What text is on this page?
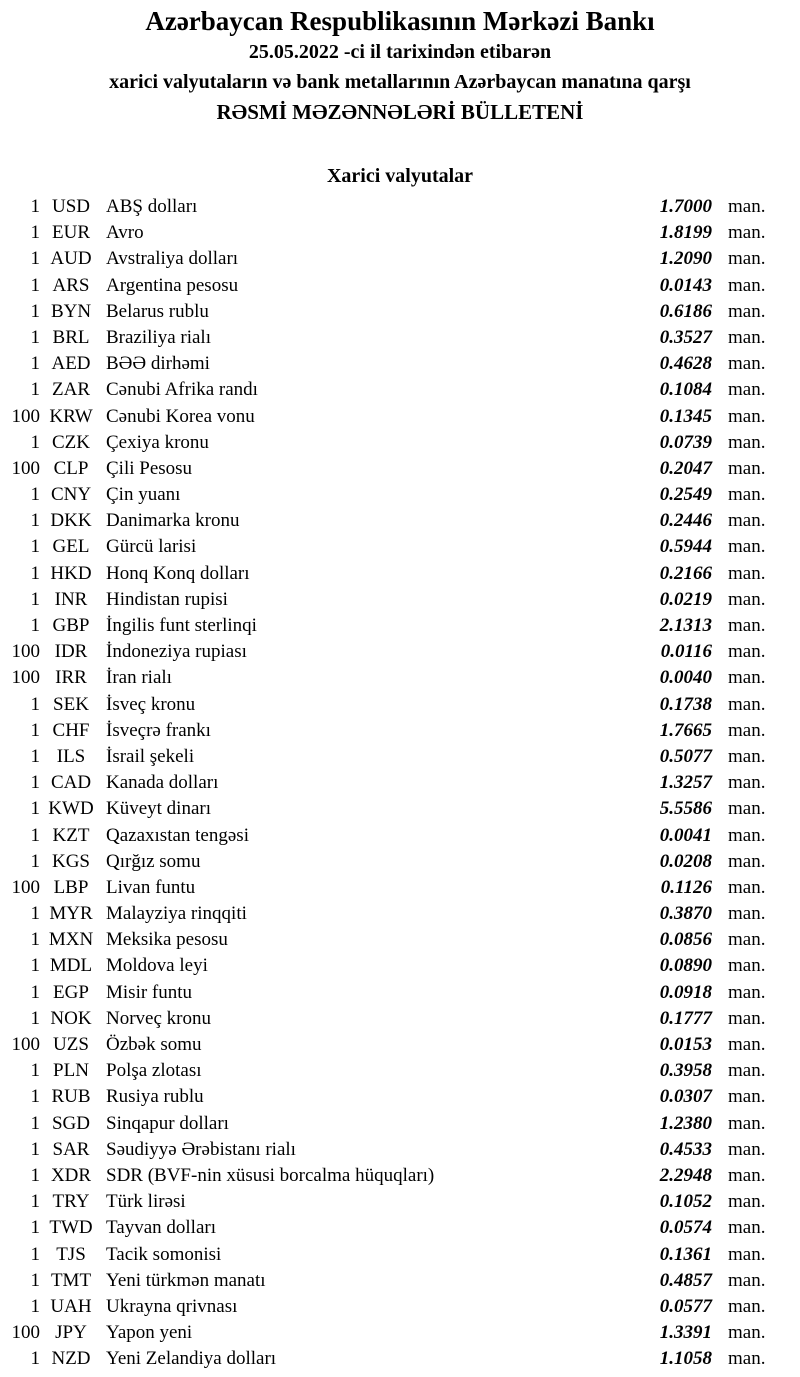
Azərbaycan Respublikasının Mərkəzi Bankı
25.05.2022 -ci il tarixindən etibarən
xarici valyutaların və bank metallarının Azərbaycan manatına qarşı
RƏSMİ MƏZƏNNƏLƏRİ BÜLLETENİ
Xarici valyutalar
1 USD ABŞ dolları	1.7000 man.
1 EUR Avro	1.8199 man.
1 AUD Avstraliya dolları	1.2090 man.
1 ARS Argentina pesosu	0.0143 man.
1 BYN Belarus rublu	0.6186 man.
1 BRL Braziliya rialı	0.3527 man.
1 AED BƏƏ dirhəmi	0.4628 man.
1 ZAR Cənubi Afrika randı	0.1084 man.
100 KRW Cənubi Korea vonu	0.1345 man.
1 CZK Çexiya kronu	0.0739 man.
100 CLP Çili Pesosu	0.2047 man.
1 CNY Çin yuanı	0.2549 man.
1 DKK Danimarka kronu	0.2446 man.
1 GEL Gürcü larisi	0.5944 man.
1 HKD Honq Konq dolları	0.2166 man.
1 INR Hindistan rupisi	0.0219 man.
1 GBP İngilis funt sterlinqi	2.1313 man.
100 IDR İndoneziya rupiası	0.0116 man.
100 IRR	İran rialı	0.0040 man.
1 SEK İsveç kronu	0.1738 man.
1 CHF İsveçrə frankı	1.7665 man.
1 ILS	İsrail şekeli	0.5077 man.
1 CAD Kanada dolları	1.3257 man.
1 KWD Küveyt dinarı	5.5586 man.
1 KZT Qazaxıstan tengəsi	0.0041 man.
1 KGS Qırğız somu	0.0208 man.
100 LBP Livan funtu	0.1126 man.
1 MYR Malayziya rinqqiti	0.3870 man.
1 MXN Meksika pesosu	0.0856 man.
1 MDL Moldova leyi	0.0890 man.
1 EGP Misir funtu	0.0918 man.
1 NOK Norveç kronu	0.1777 man.
100 UZS Özbək somu	0.0153 man.
1 PLN Polşa zlotası	0.3958 man.
1 RUB Rusiya rublu	0.0307 man.
1 SGD Sinqapur dolları	1.2380 man.
1 SAR Səudiyyə Ərəbistanı rialı	0.4533 man.
1 XDR SDR (BVF-nin xüsusi borcalma hüquqları)	2.2948 man.
1 TRY Türk lirəsi	0.1052 man.
1 TWD Tayvan dolları	0.0574 man.
1 TJS	Tacik somonisi	0.1361 man.
1 TMT Yeni türkmən manatı	0.4857 man.
1 UAH Ukrayna qrivnası	0.0577 man.
100 JPY	Yapon yeni	1.3391 man.
1 NZD Yeni Zelandiya dolları	1.1058 man.
